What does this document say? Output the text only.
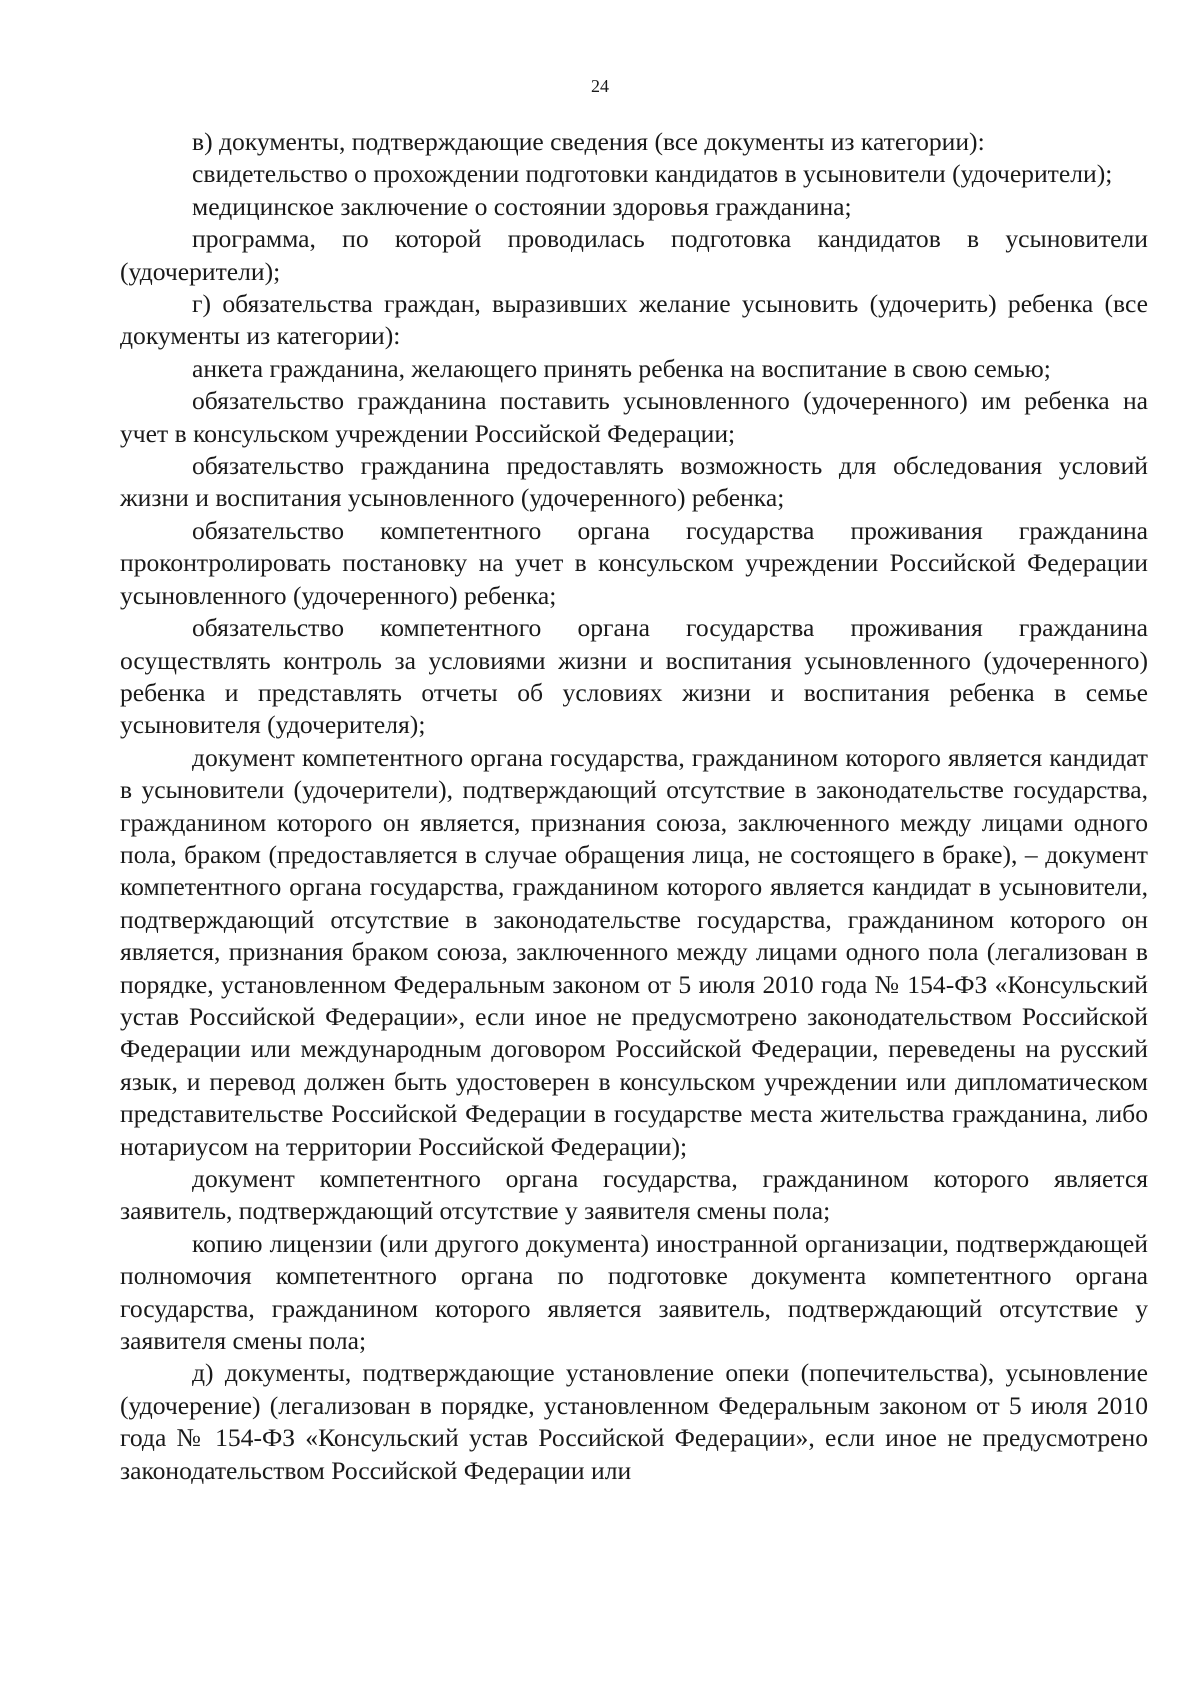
24

в) документы, подтверждающие сведения (все документы из категории):

свидетельство о прохождении подготовки кандидатов в усыновители (удочерители);

медицинское заключение о состоянии здоровья гражданина;

программа, по которой проводилась подготовка кандидатов в усыновители (удочерители);

г) обязательства граждан, выразивших желание усыновить (удочерить) ребенка (все документы из категории):

анкета гражданина, желающего принять ребенка на воспитание в свою семью;

обязательство гражданина поставить усыновленного (удочеренного) им ребенка на учет в консульском учреждении Российской Федерации;

обязательство гражданина предоставлять возможность для обследования условий жизни и воспитания усыновленного (удочеренного) ребенка;

обязательство компетентного органа государства проживания гражданина проконтролировать постановку на учет в консульском учреждении Российской Федерации усыновленного (удочеренного) ребенка;

обязательство компетентного органа государства проживания гражданина осуществлять контроль за условиями жизни и воспитания усыновленного (удочеренного) ребенка и представлять отчеты об условиях жизни и воспитания ребенка в семье усыновителя (удочерителя);

документ компетентного органа государства, гражданином которого является кандидат в усыновители (удочерители), подтверждающий отсутствие в законодательстве государства, гражданином которого он является, признания союза, заключенного между лицами одного пола, браком (предоставляется в случае обращения лица, не состоящего в браке), – документ компетентного органа государства, гражданином которого является кандидат в усыновители, подтверждающий отсутствие в законодательстве государства, гражданином которого он является, признания браком союза, заключенного между лицами одного пола (легализован в порядке, установленном Федеральным законом от 5 июля 2010 года № 154-ФЗ «Консульский устав Российской Федерации», если иное не предусмотрено законодательством Российской Федерации или международным договором Российской Федерации, переведены на русский язык, и перевод должен быть удостоверен в консульском учреждении или дипломатическом представительстве Российской Федерации в государстве места жительства гражданина, либо нотариусом на территории Российской Федерации);

документ компетентного органа государства, гражданином которого является заявитель, подтверждающий отсутствие у заявителя смены пола;

копию лицензии (или другого документа) иностранной организации, подтверждающей полномочия компетентного органа по подготовке документа компетентного органа государства, гражданином которого является заявитель, подтверждающий отсутствие у заявителя смены пола;

д) документы, подтверждающие установление опеки (попечительства), усыновление (удочерение) (легализован в порядке, установленном Федеральным законом от 5 июля 2010 года № 154-ФЗ «Консульский устав Российской Федерации», если иное не предусмотрено законодательством Российской Федерации или
